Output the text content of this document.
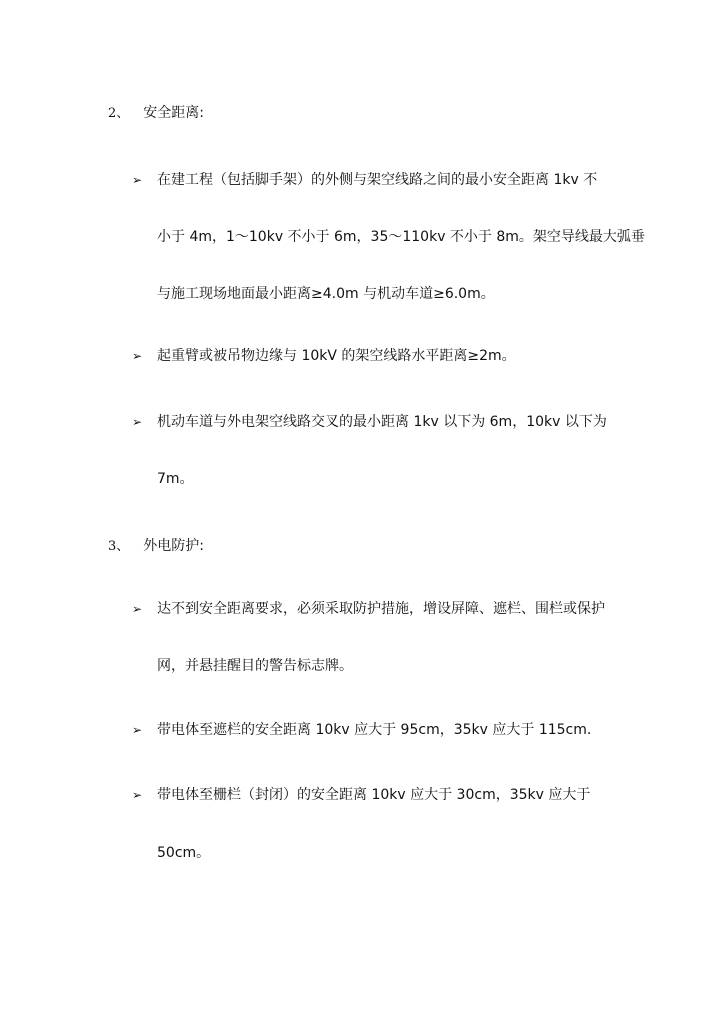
2、 安全距离:
➢ 在建工程（包括脚手架）的外侧与架空线路之间的最小安全距离 1kv 不
小于 4m，1～10kv 不小于 6m，35～110kv 不小于 8m。架空导线最大弧垂
与施工现场地面最小距离≥4.0m 与机动车道≥6.0m。
➢ 起重臂或被吊物边缘与 10kV 的架空线路水平距离≥2m。
➢ 机动车道与外电架空线路交叉的最小距离 1kv 以下为 6m，10kv 以下为
7m。
3、 外电防护:
➢ 达不到安全距离要求，必须采取防护措施，增设屏障、遮栏、围栏或保护
网，并悬挂醒目的警告标志牌。
➢ 带电体至遮栏的安全距离 10kv 应大于 95cm，35kv 应大于 115cm.
➢ 带电体至栅栏（封闭）的安全距离 10kv 应大于 30cm，35kv 应大于
50cm。
